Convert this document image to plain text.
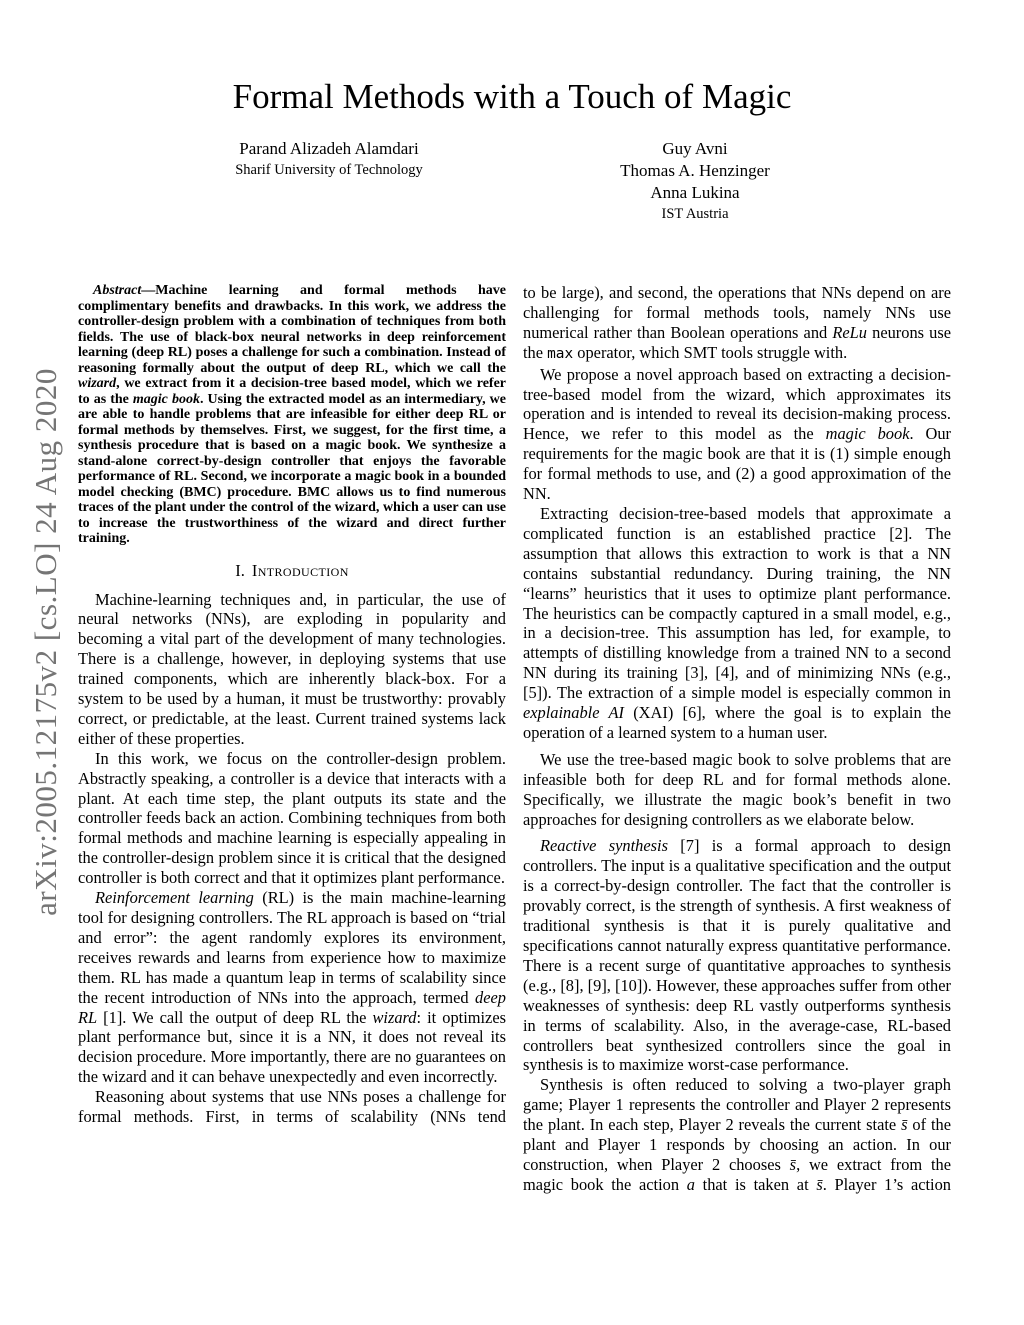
arXiv:2005.12175v2 [cs.LO] 24 Aug 2020
Formal Methods with a Touch of Magic
Parand Alizadeh Alamdari
Sharif University of Technology
Guy Avni
Thomas A. Henzinger
Anna Lukina
IST Austria

Abstract—Machine learning and formal methods have complimentary benefits and drawbacks. In this work, we address the controller-design problem with a combination of techniques from both fields. The use of black-box neural networks in deep reinforcement learning (deep RL) poses a challenge for such a combination. Instead of reasoning formally about the output of deep RL, which we call the wizard, we extract from it a decision-tree based model, which we refer to as the magic book. Using the extracted model as an intermediary, we are able to handle problems that are infeasible for either deep RL or formal methods by themselves. First, we suggest, for the first time, a synthesis procedure that is based on a magic book. We synthesize a stand-alone correct-by-design controller that enjoys the favorable performance of RL. Second, we incorporate a magic book in a bounded model checking (BMC) procedure. BMC allows us to find numerous traces of the plant under the control of the wizard, which a user can use to increase the trustworthiness of the wizard and direct further training.

I. Introduction

Machine-learning techniques and, in particular, the use of neural networks (NNs), are exploding in popularity and becoming a vital part of the development of many technologies. There is a challenge, however, in deploying systems that use trained components, which are inherently black-box. For a system to be used by a human, it must be trustworthy: provably correct, or predictable, at the least. Current trained systems lack either of these properties.

In this work, we focus on the controller-design problem. Abstractly speaking, a controller is a device that interacts with a plant. At each time step, the plant outputs its state and the controller feeds back an action. Combining techniques from both formal methods and machine learning is especially appealing in the controller-design problem since it is critical that the designed controller is both correct and that it optimizes plant performance.

Reinforcement learning (RL) is the main machine-learning tool for designing controllers. The RL approach is based on “trial and error”: the agent randomly explores its environment, receives rewards and learns from experience how to maximize them. RL has made a quantum leap in terms of scalability since the recent introduction of NNs into the approach, termed deep RL [1]. We call the output of deep RL the wizard: it optimizes plant performance but, since it is a NN, it does not reveal its decision procedure. More importantly, there are no guarantees on the wizard and it can behave unexpectedly and even incorrectly.

Reasoning about systems that use NNs poses a challenge for formal methods. First, in terms of scalability (NNs tend

to be large), and second, the operations that NNs depend on are challenging for formal methods tools, namely NNs use numerical rather than Boolean operations and ReLu neurons use the max operator, which SMT tools struggle with.

We propose a novel approach based on extracting a decision-tree-based model from the wizard, which approximates its operation and is intended to reveal its decision-making process. Hence, we refer to this model as the magic book. Our requirements for the magic book are that it is (1) simple enough for formal methods to use, and (2) a good approximation of the NN.

Extracting decision-tree-based models that approximate a complicated function is an established practice [2]. The assumption that allows this extraction to work is that a NN contains substantial redundancy. During training, the NN “learns” heuristics that it uses to optimize plant performance. The heuristics can be compactly captured in a small model, e.g., in a decision-tree. This assumption has led, for example, to attempts of distilling knowledge from a trained NN to a second NN during its training [3], [4], and of minimizing NNs (e.g., [5]). The extraction of a simple model is especially common in explainable AI (XAI) [6], where the goal is to explain the operation of a learned system to a human user.

We use the tree-based magic book to solve problems that are infeasible both for deep RL and for formal methods alone. Specifically, we illustrate the magic book’s benefit in two approaches for designing controllers as we elaborate below.

Reactive synthesis [7] is a formal approach to design controllers. The input is a qualitative specification and the output is a correct-by-design controller. The fact that the controller is provably correct, is the strength of synthesis. A first weakness of traditional synthesis is that it is purely qualitative and specifications cannot naturally express quantitative performance. There is a recent surge of quantitative approaches to synthesis (e.g., [8], [9], [10]). However, these approaches suffer from other weaknesses of synthesis: deep RL vastly outperforms synthesis in terms of scalability. Also, in the average-case, RL-based controllers beat synthesized controllers since the goal in synthesis is to maximize worst-case performance.

Synthesis is often reduced to solving a two-player graph game; Player 1 represents the controller and Player 2 represents the plant. In each step, Player 2 reveals the current state s̄ of the plant and Player 1 responds by choosing an action. In our construction, when Player 2 chooses s̄, we extract from the magic book the action a that is taken at s̄. Player 1’s action
